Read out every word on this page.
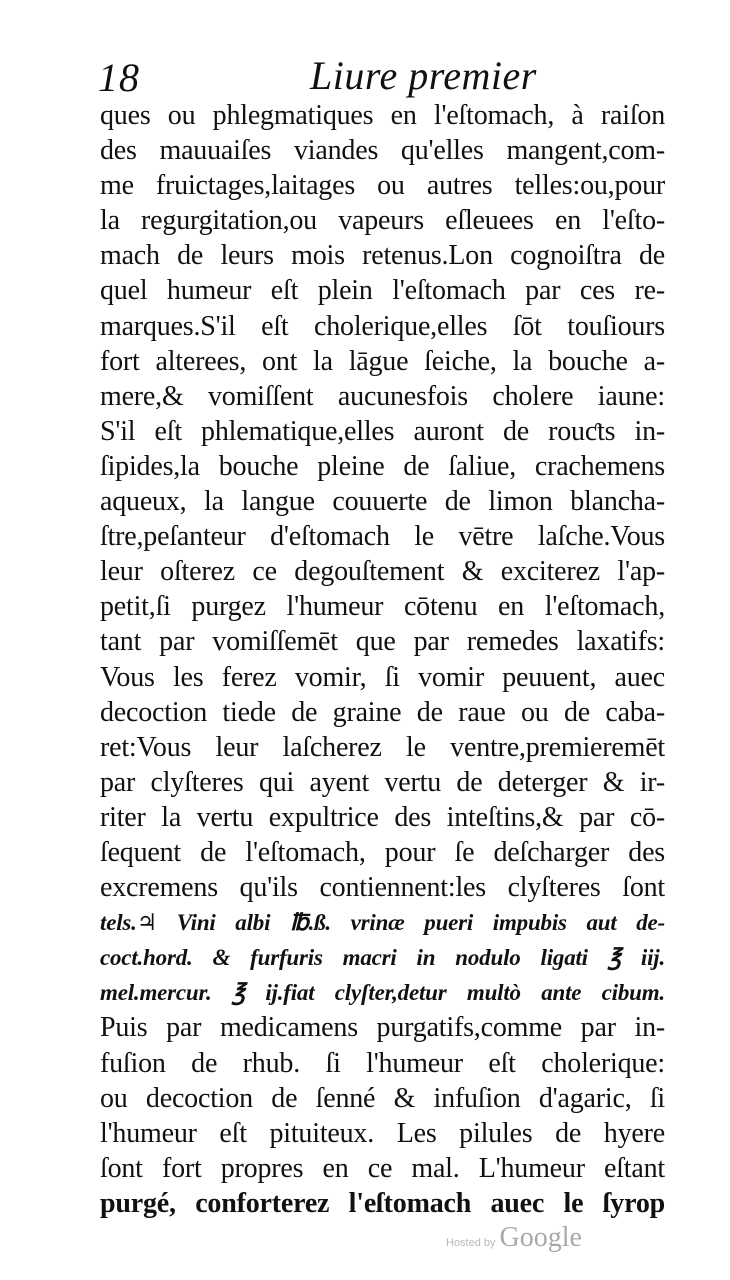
18	Liure premier
ques ou phlegmatiques en l'eſtomach, à raiſon
des mauuaiſes viandes qu'elles mangent,com-
me fruictages,laitages ou autres telles:ou,pour
la regurgitation,ou vapeurs eſleuees en l'eſto-
mach de leurs mois retenus.Lon cognoiſtra de
quel humeur eſt plein l'eſtomach par ces re-
marques.S'il eſt cholerique,elles ſōt touſiours
fort alterees, ont la lāgue ſeiche, la bouche a-
mere,& vomiſſent aucunesfois cholere iaune:
S'il eſt phlematique,elles auront de rouƈts in-
ſipides,la bouche pleine de ſaliue, crachemens
aqueux, la langue couuerte de limon blancha-
ſtre,peſanteur d'eſtomach le vētre laſche.Vous
leur oſterez ce degouſtement & exciterez l'ap-
petit,ſi purgez l'humeur cōtenu en l'eſtomach,
tant par vomiſſemēt que par remedes laxatifs:
Vous les ferez vomir, ſi vomir peuuent, auec
decoction tiede de graine de raue ou de caba-
ret:Vous leur laſcherez le ventre,premieremēt
par clyſteres qui ayent vertu de deterger & ir-
riter la vertu expultrice des inteſtins,& par cō-
ſequent de l'eſtomach, pour ſe deſcharger des
excremens qu'ils contiennent:les clyſteres ſont
tels.♃ Vini albi ℔.ß. vrinæ pueri impubis aut de-
coct.hord. & furfuris macri in nodulo ligati ℥ iij.
mel.mercur. ℥ ij.fiat clyſter,detur multò ante cibum.
Puis par medicamens purgatifs,comme par in-
fuſion de rhub. ſi l'humeur eſt cholerique:
ou decoction de ſenné & infuſion d'agaric, ſi
l'humeur eſt pituiteux. Les pilules de hyere
ſont fort propres en ce mal. L'humeur eſtant
purgé, conforterez l'eſtomach auec le ſyrop
Hosted by Google
